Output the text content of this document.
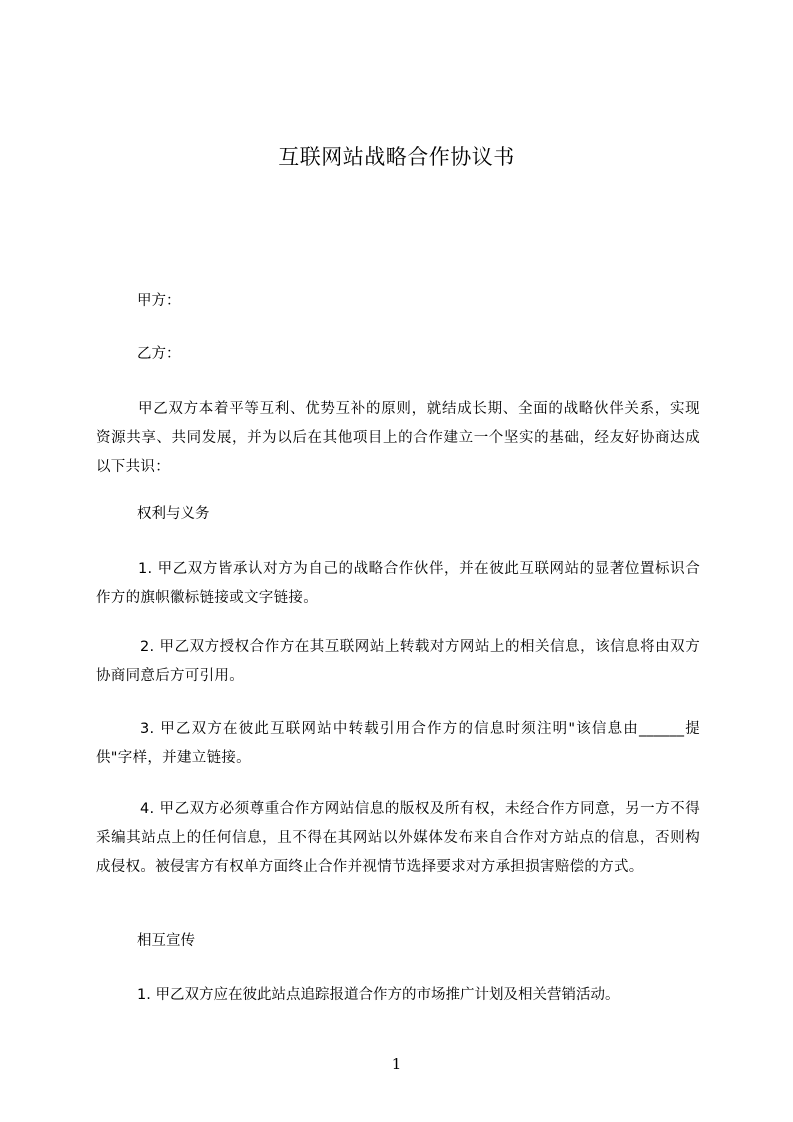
互联网站战略合作协议书
甲方：
乙方：
甲乙双方本着平等互利、优势互补的原则，就结成长期、全面的战略伙伴关系，实现资源共享、共同发展，并为以后在其他项目上的合作建立一个坚实的基础，经友好协商达成以下共识：
权利与义务
1. 甲乙双方皆承认对方为自己的战略合作伙伴，并在彼此互联网站的显著位置标识合作方的旗帜徽标链接或文字链接。
2. 甲乙双方授权合作方在其互联网站上转载对方网站上的相关信息，该信息将由双方协商同意后方可引用。
3. 甲乙双方在彼此互联网站中转载引用合作方的信息时须注明"该信息由______提供"字样，并建立链接。
4. 甲乙双方必须尊重合作方网站信息的版权及所有权，未经合作方同意，另一方不得采编其站点上的任何信息，且不得在其网站以外媒体发布来自合作对方站点的信息，否则构成侵权。被侵害方有权单方面终止合作并视情节选择要求对方承担损害赔偿的方式。
相互宣传
1. 甲乙双方应在彼此站点追踪报道合作方的市场推广计划及相关营销活动。
1
